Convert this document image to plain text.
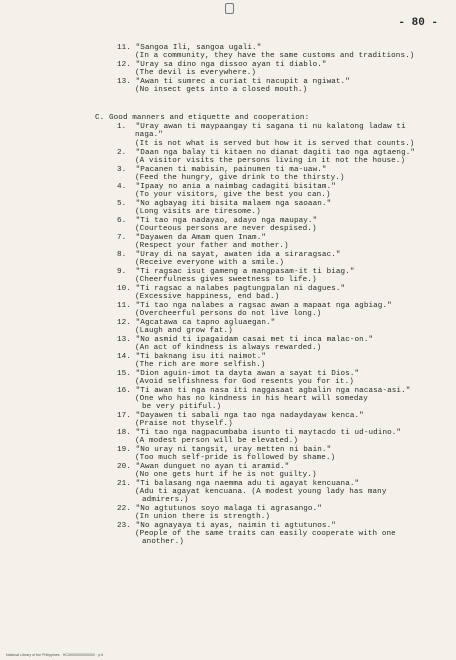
- 80 -
11. "Sangoa Ili, sangoa ugali."
(In a community, they have the same customs and traditions.)
12. "Uray sa dino nga dissoo ayan ti diablo."
(The devil is everywhere.)
13. "Awan ti sumrec a curiat ti nacupit a ngiwat."
(No insect gets into a closed mouth.)
C. Good manners and etiquette and cooperation:
1.  "Uray awan ti maypaangay ti sagana ti nu kalatong ladaw ti
naga."
(It is not what is served but how it is served that counts.)
2.  "Daan nga balay ti kitaen no dianat dagiti tao nga agtaeng."
(A visitor visits the persons living in it not the house.)
3.  "Pacanen ti mabisin, painumen ti ma-uaw."
(Feed the hungry, give drink to the thirsty.)
4.  "Ipaay no ania a naimbag cadagiti bisitam."
(To your visitors, give the best you can.)
5.  "No agbayag iti bisita malaem nga saoaan."
(Long visits are tiresome.)
6.  "Ti tao nga nadayao, adayo nga maupay."
(Courteous persons are never despised.)
7.  "Dayawen da Amam quen Inam."
(Respect your father and mother.)
8.  "Uray di na sayat, awaten ida a siraragsac."
(Receive everyone with a smile.)
9.  "Ti ragsac isut gameng a mangpasam-it ti biag."
(Cheerfulness gives sweetness to life.)
10. "Ti ragsac a nalabes pagtungpalan ni dagues."
(Excessive happiness, end bad.)
11. "Ti tao nga nalabes a ragsac awan a mapaat nga agbiag."
(Overcheerful persons do not live long.)
12. "Agcatawa ca tapno agluaegan."
(Laugh and grow fat.)
13. "No asmid ti ipagaidam casai met ti inca malac-on."
(An act of kindness is always rewarded.)
14. "Ti baknang isu iti naimot."
(The rich are more selfish.)
15. "Dion aguin-imot ta dayta awan a sayat ti Dios."
(Avoid selfishness for God resents you for it.)
16. "Ti awan ti nga nasa iti naggasaat agbalin nga nacasa-asi."
(One who has no kindness in his heart will someday
be very pitiful.)
17. "Dayawen ti sabali nga tao nga nadaydayaw kenca."
(Praise not thyself.)
18. "Ti tao nga nagpacumbaba isunto ti maytacdo ti ud-udino."
(A modest person will be elevated.)
19. "No uray ni tangsit, uray metten ni bain."
(Too much self-pride is followed by shame.)
20. "Awan dunguet no ayan ti aramid."
(No one gets hurt if he is not guilty.)
21. "Ti balasang nga naemma adu ti agayat kencuana."
(Adu ti agayat kencuana. (A modest young lady has many
admirers.)
22. "No agtutunos soyo malaga ti agrasango."
(In union there is strength.)
23. "No agnayaya ti ayas, naimin ti agtutunos."
(People of the same traits can easily cooperate with one
another.)
National Library of the Philippines · HCI0000000000000 · p.6
